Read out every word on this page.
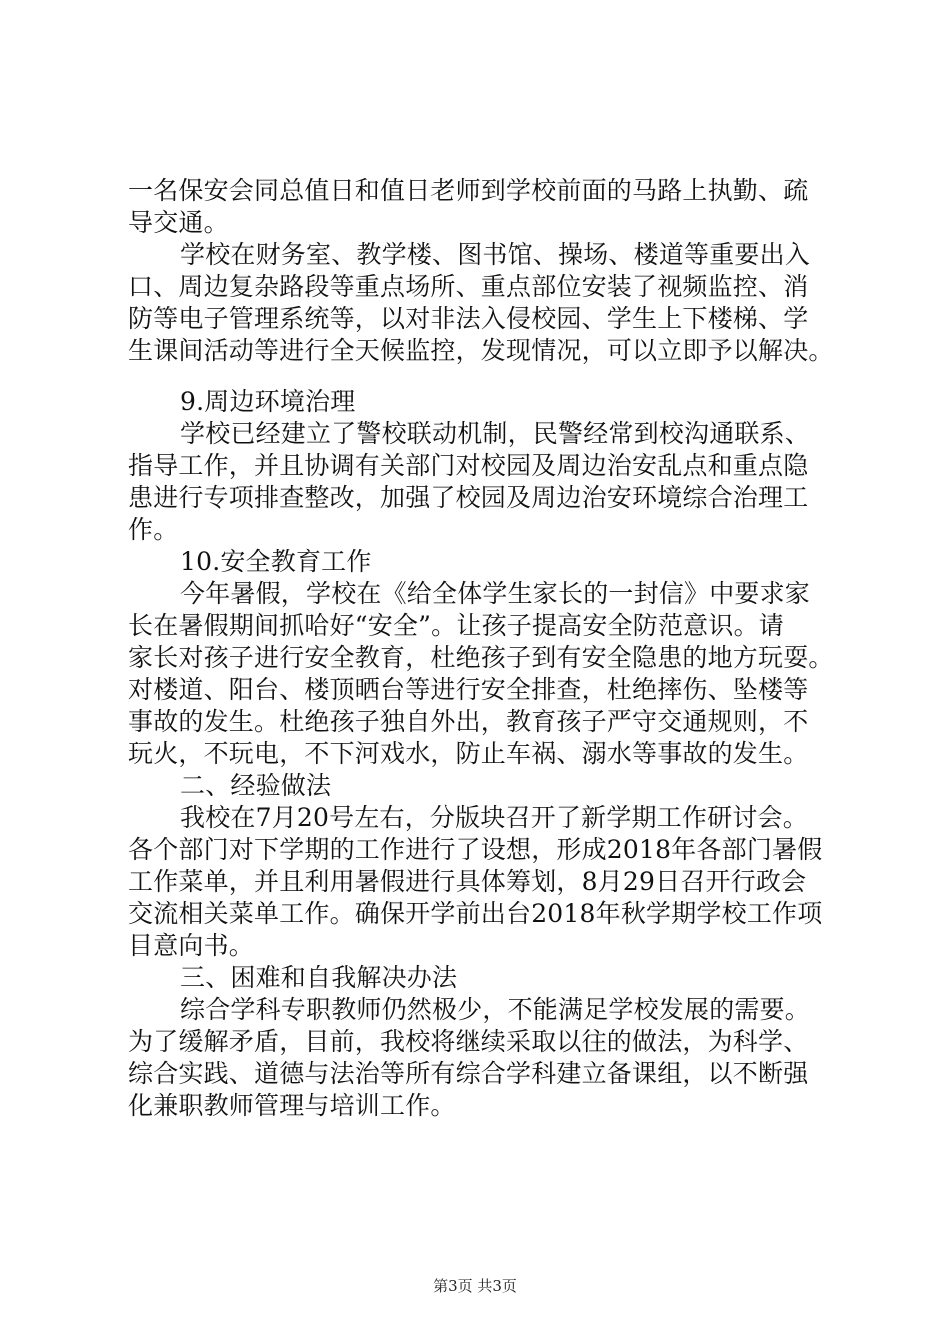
一名保安会同总值日和值日老师到学校前面的马路上执勤、疏
导交通。
学校在财务室、教学楼、图书馆、操场、楼道等重要出入
口、周边复杂路段等重点场所、重点部位安装了视频监控、消
防等电子管理系统等，以对非法入侵校园、学生上下楼梯、学
生课间活动等进行全天候监控，发现情况，可以立即予以解决。
9.周边环境治理
学校已经建立了警校联动机制，民警经常到校沟通联系、
指导工作，并且协调有关部门对校园及周边治安乱点和重点隐
患进行专项排查整改，加强了校园及周边治安环境综合治理工
作。
10.安全教育工作
今年暑假，学校在《给全体学生家长的一封信》中要求家
长在暑假期间抓哈好“安全”。让孩子提高安全防范意识。请
家长对孩子进行安全教育，杜绝孩子到有安全隐患的地方玩耍。
对楼道、阳台、楼顶晒台等进行安全排查，杜绝摔伤、坠楼等
事故的发生。杜绝孩子独自外出，教育孩子严守交通规则，不
玩火，不玩电，不下河戏水，防止车祸、溺水等事故的发生。
二、经验做法
我校在7月20号左右，分版块召开了新学期工作研讨会。
各个部门对下学期的工作进行了设想，形成2018年各部门暑假
工作菜单，并且利用暑假进行具体筹划，8月29日召开行政会
交流相关菜单工作。确保开学前出台2018年秋学期学校工作项
目意向书。
三、困难和自我解决办法
综合学科专职教师仍然极少，不能满足学校发展的需要。
为了缓解矛盾，目前，我校将继续采取以往的做法，为科学、
综合实践、道德与法治等所有综合学科建立备课组，以不断强
化兼职教师管理与培训工作。
第3页 共3页
